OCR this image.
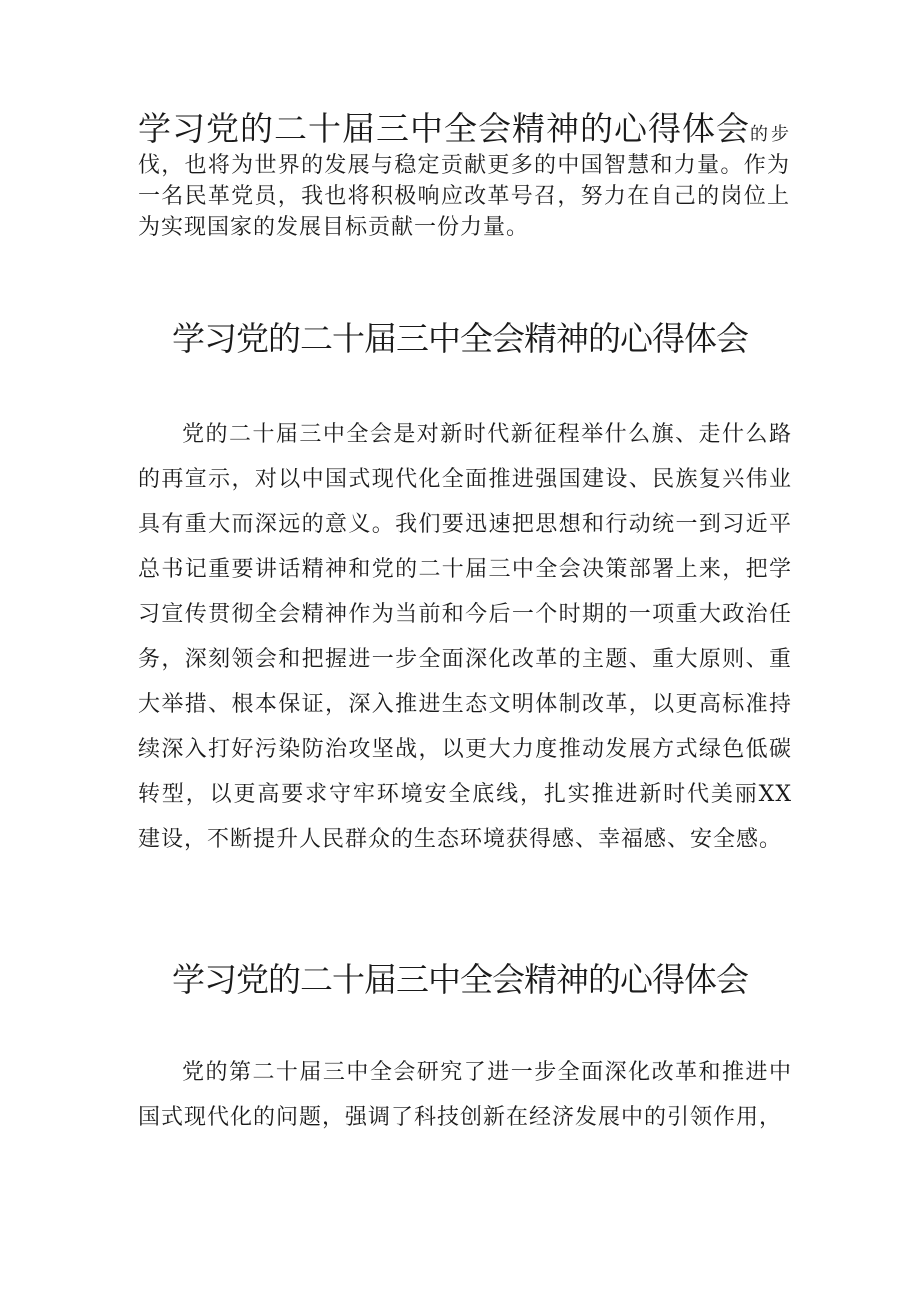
学习党的二十届三中全会精神的心得体会的步伐，也将为世界的发展与稳定贡献更多的中国智慧和力量。作为一名民革党员，我也将积极响应改革号召，努力在自己的岗位上为实现国家的发展目标贡献一份力量。

学习党的二十届三中全会精神的心得体会

党的二十届三中全会是对新时代新征程举什么旗、走什么路的再宣示，对以中国式现代化全面推进强国建设、民族复兴伟业具有重大而深远的意义。我们要迅速把思想和行动统一到习近平总书记重要讲话精神和党的二十届三中全会决策部署上来，把学习宣传贯彻全会精神作为当前和今后一个时期的一项重大政治任务，深刻领会和把握进一步全面深化改革的主题、重大原则、重大举措、根本保证，深入推进生态文明体制改革，以更高标准持续深入打好污染防治攻坚战，以更大力度推动发展方式绿色低碳转型，以更高要求守牢环境安全底线，扎实推进新时代美丽XX建设，不断提升人民群众的生态环境获得感、幸福感、安全感。

学习党的二十届三中全会精神的心得体会

党的第二十届三中全会研究了进一步全面深化改革和推进中国式现代化的问题，强调了科技创新在经济发展中的引领作用，
